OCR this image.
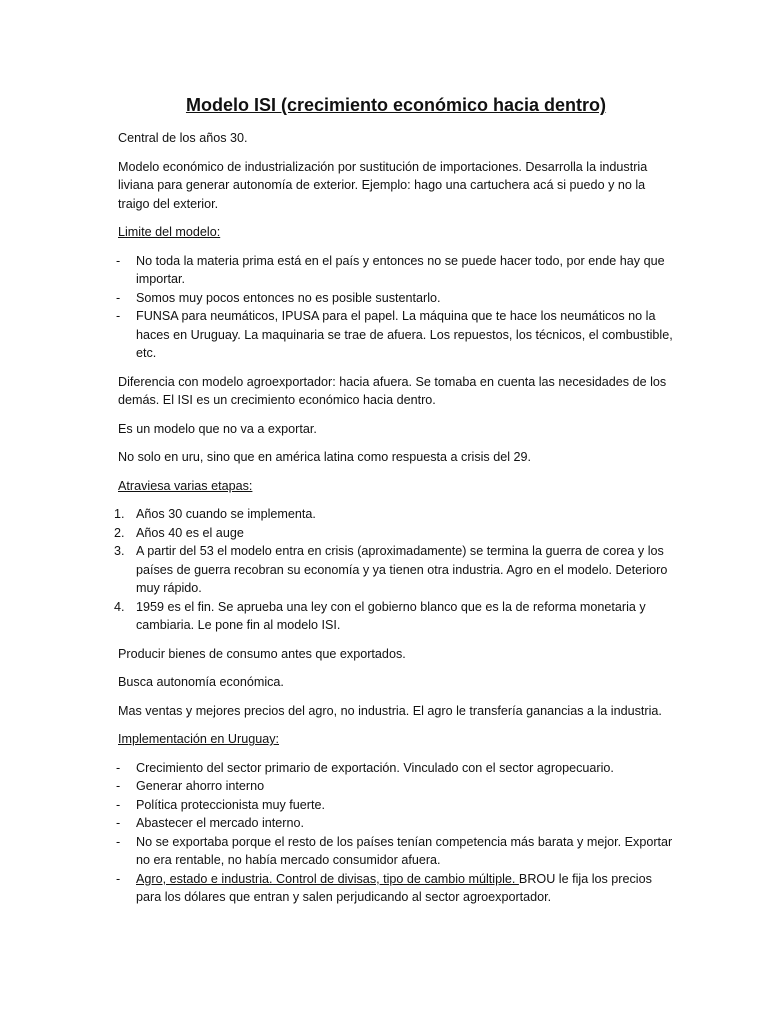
Modelo ISI (crecimiento económico hacia dentro)

Central de los años 30.

Modelo económico de industrialización por sustitución de importaciones. Desarrolla la industria liviana para generar autonomía de exterior. Ejemplo: hago una cartuchera acá si puedo y no la traigo del exterior.

Limite del modelo:

- No toda la materia prima está en el país y entonces no se puede hacer todo, por ende hay que importar.
- Somos muy pocos entonces no es posible sustentarlo.
- FUNSA para neumáticos, IPUSA para el papel. La máquina que te hace los neumáticos no la haces en Uruguay. La maquinaria se trae de afuera. Los repuestos, los técnicos, el combustible, etc.

Diferencia con modelo agroexportador: hacia afuera. Se tomaba en cuenta las necesidades de los demás. El ISI es un crecimiento económico hacia dentro.

Es un modelo que no va a exportar.

No solo en uru, sino que en américa latina como respuesta a crisis del 29.

Atraviesa varias etapas:

1. Años 30 cuando se implementa.
2. Años 40 es el auge
3. A partir del 53 el modelo entra en crisis (aproximadamente) se termina la guerra de corea y los países de guerra recobran su economía y ya tienen otra industria. Agro en el modelo. Deterioro muy rápido.
4. 1959 es el fin. Se aprueba una ley con el gobierno blanco que es la de reforma monetaria y cambiaria. Le pone fin al modelo ISI.

Producir bienes de consumo antes que exportados.

Busca autonomía económica.

Mas ventas y mejores precios del agro, no industria. El agro le transfería ganancias a la industria.

Implementación en Uruguay:

- Crecimiento del sector primario de exportación. Vinculado con el sector agropecuario.
- Generar ahorro interno
- Política proteccionista muy fuerte.
- Abastecer el mercado interno.
- No se exportaba porque el resto de los países tenían competencia más barata y mejor. Exportar no era rentable, no había mercado consumidor afuera.
- Agro, estado e industria. Control de divisas, tipo de cambio múltiple. BROU le fija los precios para los dólares que entran y salen perjudicando al sector agroexportador.
